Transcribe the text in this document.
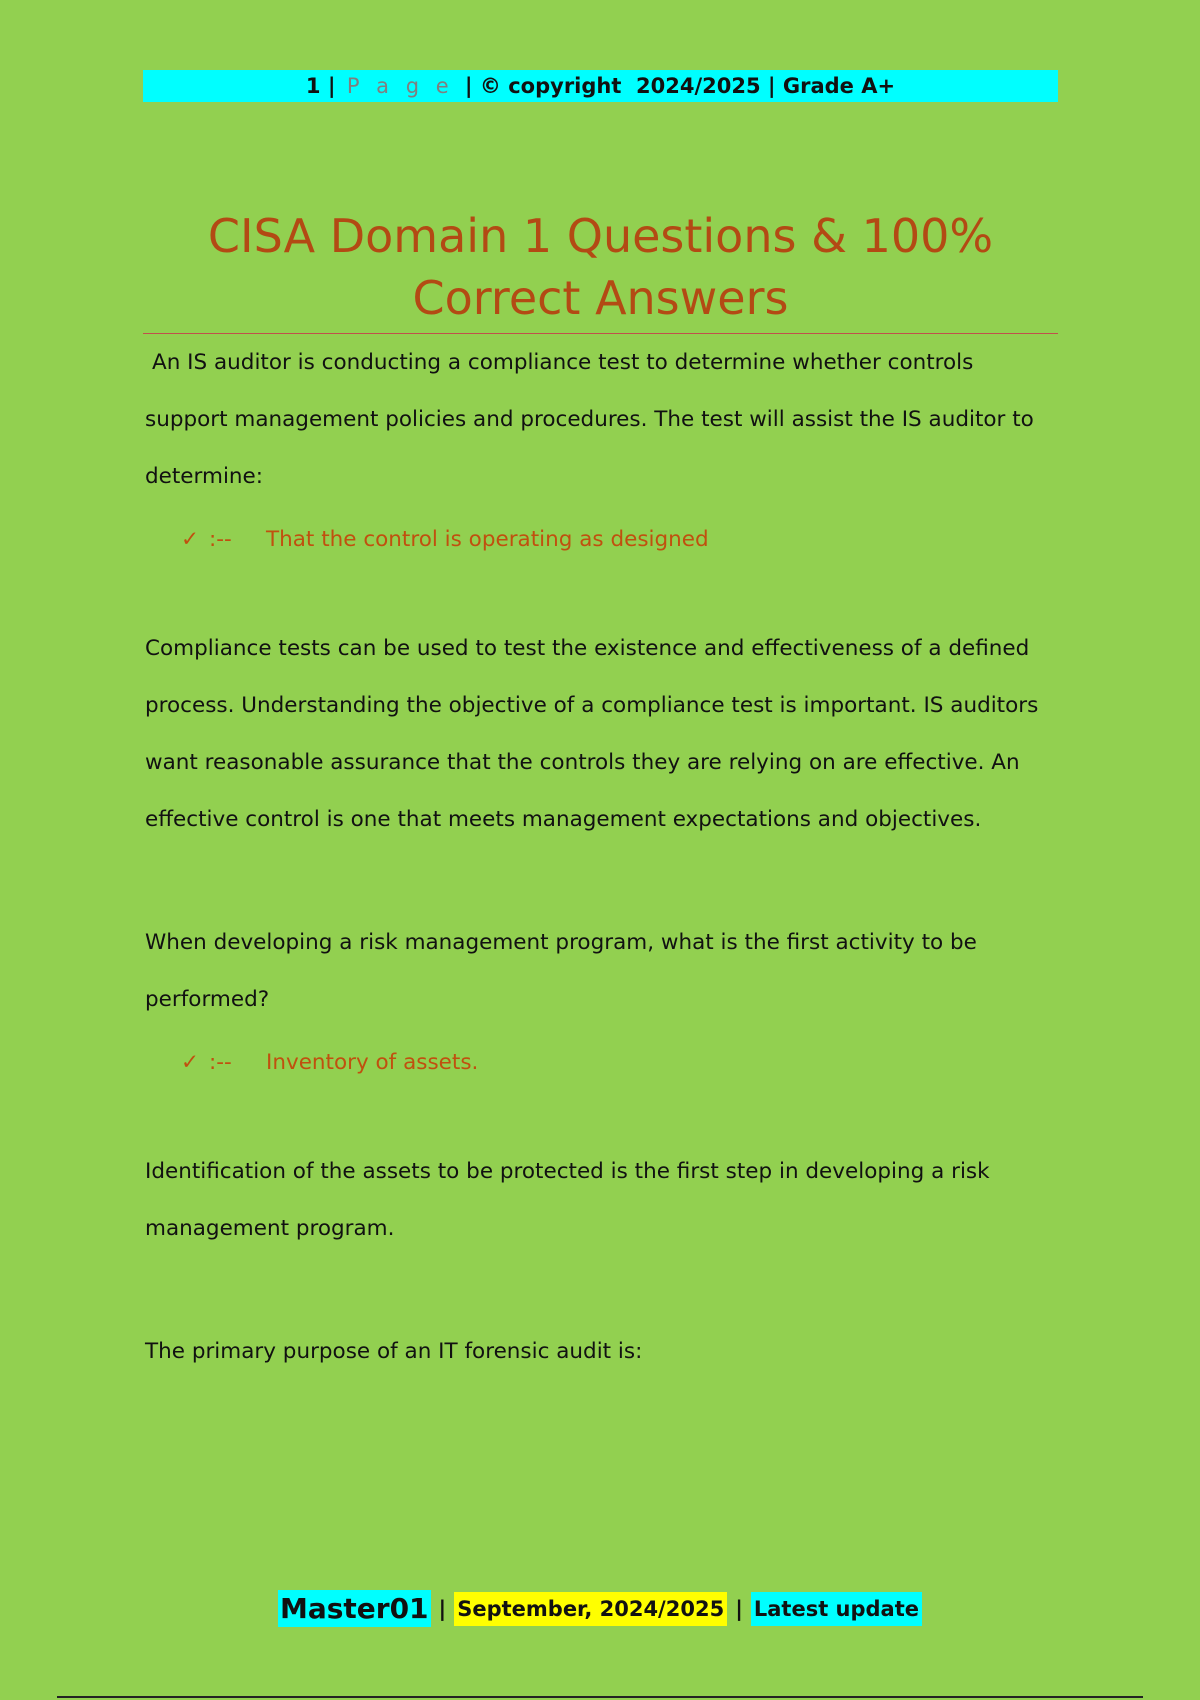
1 | P a g e | © copyright  2024/2025 | Grade A+
CISA Domain 1 Questions & 100%
Correct Answers

An IS auditor is conducting a compliance test to determine whether controls support management policies and procedures. The test will assist the IS auditor to determine:

✓ :--	That the control is operating as designed

Compliance tests can be used to test the existence and effectiveness of a defined process. Understanding the objective of a compliance test is important. IS auditors want reasonable assurance that the controls they are relying on are effective. An effective control is one that meets management expectations and objectives.

When developing a risk management program, what is the first activity to be performed?

✓ :--	Inventory of assets.

Identification of the assets to be protected is the first step in developing a risk management program.

The primary purpose of an IT forensic audit is:

Master01 | September, 2024/2025 | Latest update
